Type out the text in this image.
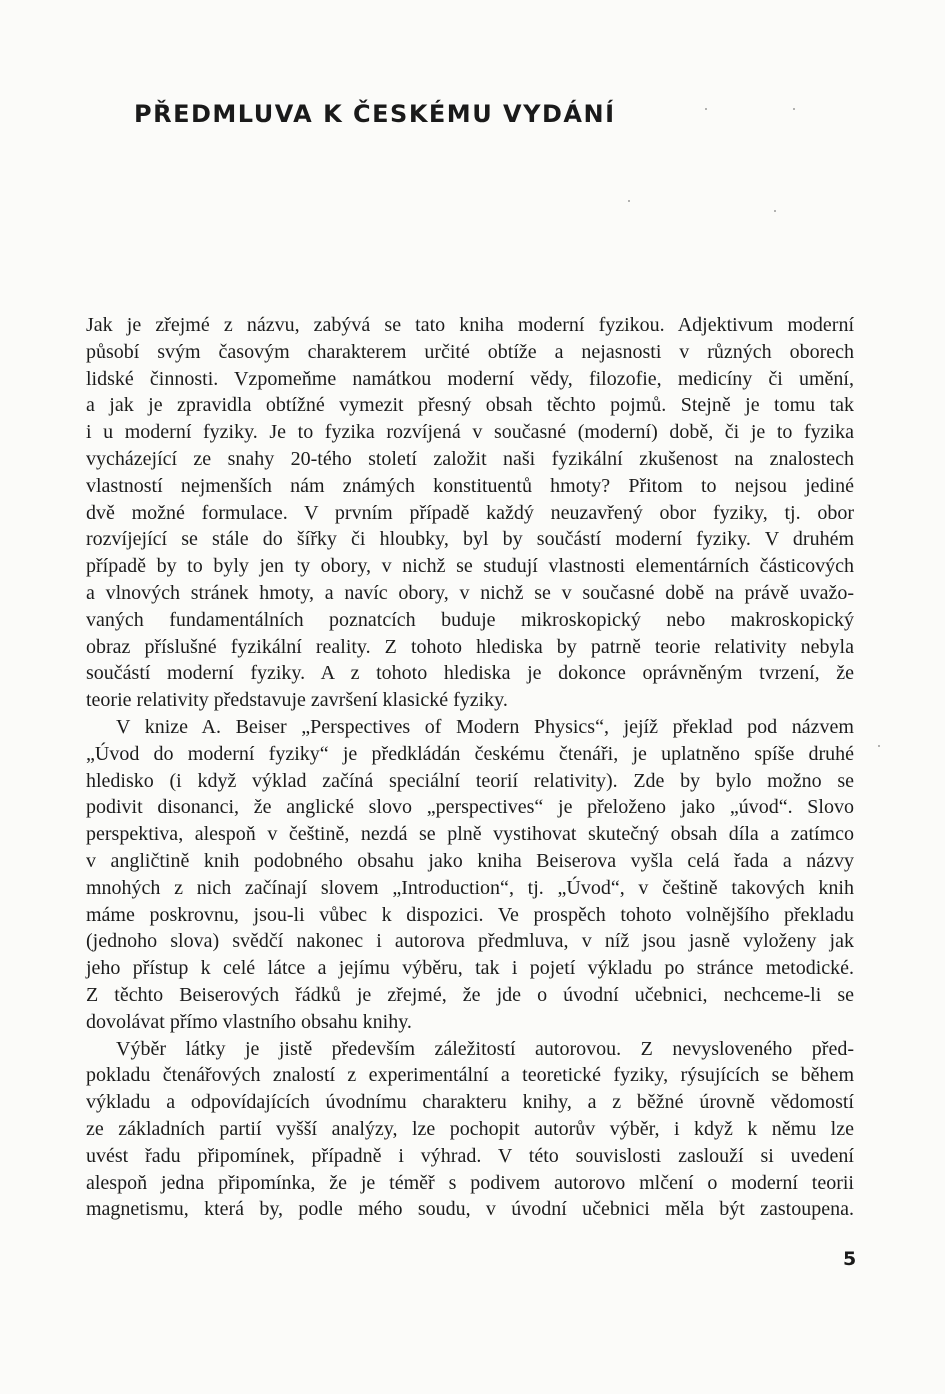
PŘEDMLUVA K ČESKÉMU VYDÁNÍ

Jak je zřejmé z názvu, zabývá se tato kniha moderní fyzikou. Adjektivum moderní
působí svým časovým charakterem určité obtíže a nejasnosti v různých oborech
lidské činnosti. Vzpomeňme namátkou moderní vědy, filozofie, medicíny či umění,
a jak je zpravidla obtížné vymezit přesný obsah těchto pojmů. Stejně je tomu tak
i u moderní fyziky. Je to fyzika rozvíjená v současné (moderní) době, či je to fyzika
vycházející ze snahy 20-tého století založit naši fyzikální zkušenost na znalostech
vlastností nejmenších nám známých konstituentů hmoty? Přitom to nejsou jediné
dvě možné formulace. V prvním případě každý neuzavřený obor fyziky, tj. obor
rozvíjející se stále do šířky či hloubky, byl by součástí moderní fyziky. V druhém
případě by to byly jen ty obory, v nichž se studují vlastnosti elementárních částicových
a vlnových stránek hmoty, a navíc obory, v nichž se v současné době na právě uvažo-
vaných fundamentálních poznatcích buduje mikroskopický nebo makroskopický
obraz příslušné fyzikální reality. Z tohoto hlediska by patrně teorie relativity nebyla
součástí moderní fyziky. A z tohoto hlediska je dokonce oprávněným tvrzení, že
teorie relativity představuje završení klasické fyziky.

V knize A. Beiser „Perspectives of Modern Physics“, jejíž překlad pod názvem
„Úvod do moderní fyziky“ je předkládán českému čtenáři, je uplatněno spíše druhé
hledisko (i když výklad začíná speciální teorií relativity). Zde by bylo možno se
podivit disonanci, že anglické slovo „perspectives“ je přeloženo jako „úvod“. Slovo
perspektiva, alespoň v češtině, nezdá se plně vystihovat skutečný obsah díla a zatímco
v angličtině knih podobného obsahu jako kniha Beiserova vyšla celá řada a názvy
mnohých z nich začínají slovem „Introduction“, tj. „Úvod“, v češtině takových knih
máme poskrovnu, jsou-li vůbec k dispozici. Ve prospěch tohoto volnějšího překladu
(jednoho slova) svědčí nakonec i autorova předmluva, v níž jsou jasně vyloženy jak
jeho přístup k celé látce a jejímu výběru, tak i pojetí výkladu po stránce metodické.
Z těchto Beiserových řádků je zřejmé, že jde o úvodní učebnici, nechceme-li se
dovolávat přímo vlastního obsahu knihy.

Výběr látky je jistě především záležitostí autorovou. Z nevysloveného před-
pokladu čtenářových znalostí z experimentální a teoretické fyziky, rýsujících se během
výkladu a odpovídajících úvodnímu charakteru knihy, a z běžné úrovně vědomostí
ze základních partií vyšší analýzy, lze pochopit autorův výběr, i když k němu lze
uvést řadu připomínek, případně i výhrad. V této souvislosti zaslouží si uvedení
alespoň jedna připomínka, že je téměř s podivem autorovo mlčení o moderní teorii
magnetismu, která by, podle mého soudu, v úvodní učebnici měla být zastoupena.

5
